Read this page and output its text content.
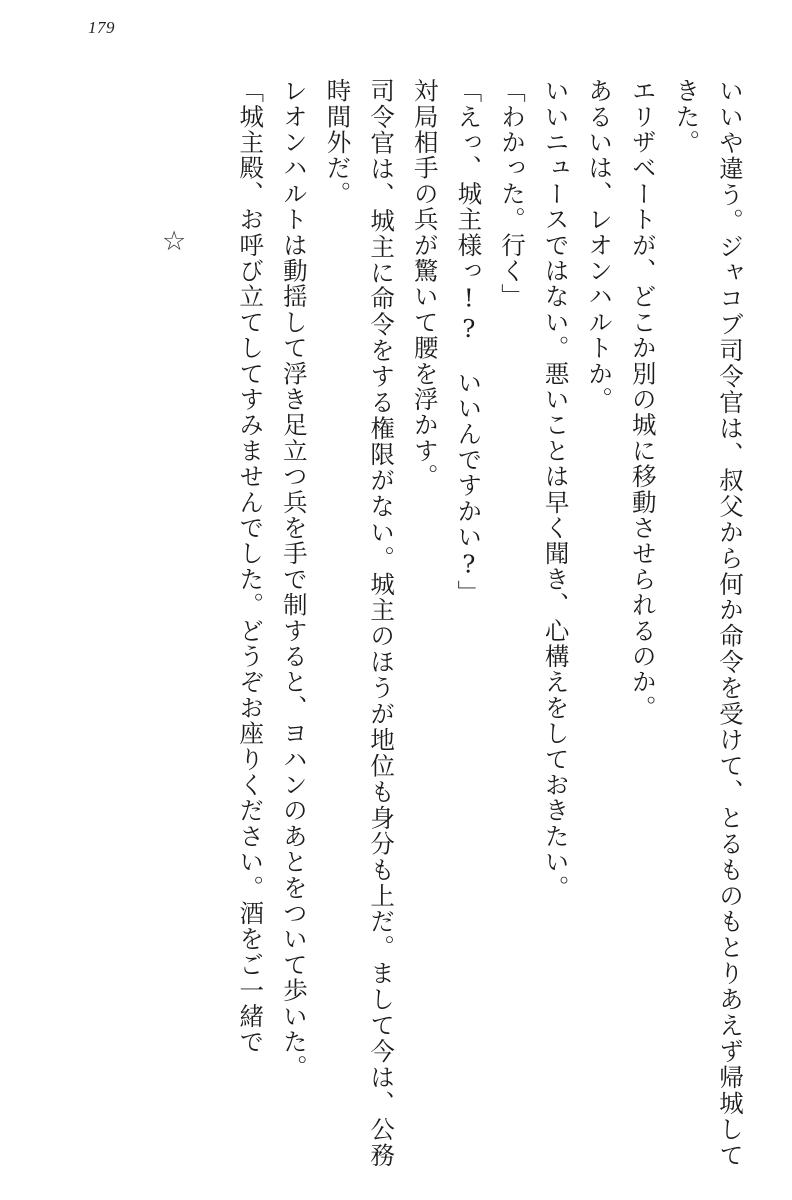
179
☆	いいや違う。ジャコブ司令官は、叔父から何か命令を受けて、とるものもとりあえず帰城してきた。

エリザベートが、どこか別の城に移動させられるのか。

あるいは、レオンハルトか。

いいニュースではない。悪いことは早く聞き、心構えをしておきたい。

「わかった。行く」

「えっ、城主様っ!?　いいんですかい?」

対局相手の兵が驚いて腰を浮かす。

司令官は、城主に命令をする権限がない。城主のほうが地位も身分も上だ。まして今は、公務時間外だ。

レオンハルトは動揺して浮き足立つ兵を手で制すると、ヨハンのあとをついて歩いた。

「城主殿、お呼び立てしてすみませんでした。どうぞお座りください。酒をご一緒で
